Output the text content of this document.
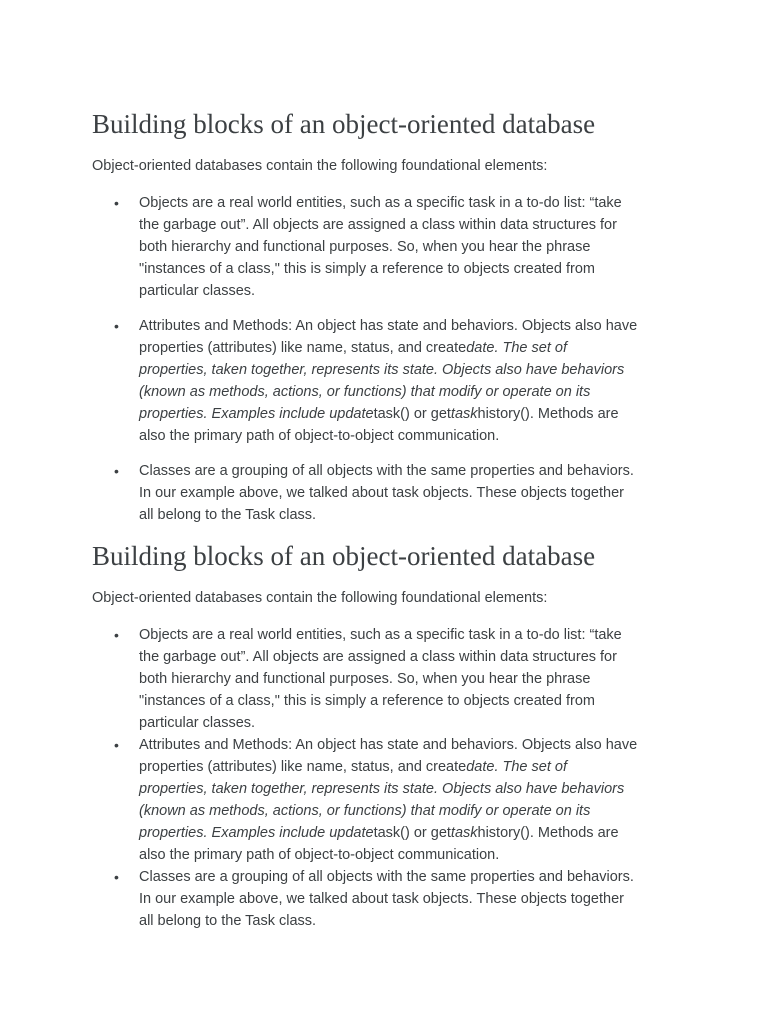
Building blocks of an object-oriented database

Object-oriented databases contain the following foundational elements:

• Objects are a real world entities, such as a specific task in a to-do list: “take
the garbage out”. All objects are assigned a class within data structures for
both hierarchy and functional purposes. So, when you hear the phrase
"instances of a class," this is simply a reference to objects created from
particular classes.
• Attributes and Methods: An object has state and behaviors. Objects also have
properties (attributes) like name, status, and createdate. The set of
properties, taken together, represents its state. Objects also have behaviors
(known as methods, actions, or functions) that modify or operate on its
properties. Examples include updatetask() or gettaskhistory(). Methods are
also the primary path of object-to-object communication.
• Classes are a grouping of all objects with the same properties and behaviors.
In our example above, we talked about task objects. These objects together
all belong to the Task class.
Building blocks of an object-oriented database

Object-oriented databases contain the following foundational elements:

• Objects are a real world entities, such as a specific task in a to-do list: “take
the garbage out”. All objects are assigned a class within data structures for
both hierarchy and functional purposes. So, when you hear the phrase
"instances of a class," this is simply a reference to objects created from
particular classes.
• Attributes and Methods: An object has state and behaviors. Objects also have
properties (attributes) like name, status, and createdate. The set of
properties, taken together, represents its state. Objects also have behaviors
(known as methods, actions, or functions) that modify or operate on its
properties. Examples include updatetask() or gettaskhistory(). Methods are
also the primary path of object-to-object communication.
• Classes are a grouping of all objects with the same properties and behaviors.
In our example above, we talked about task objects. These objects together
all belong to the Task class.
